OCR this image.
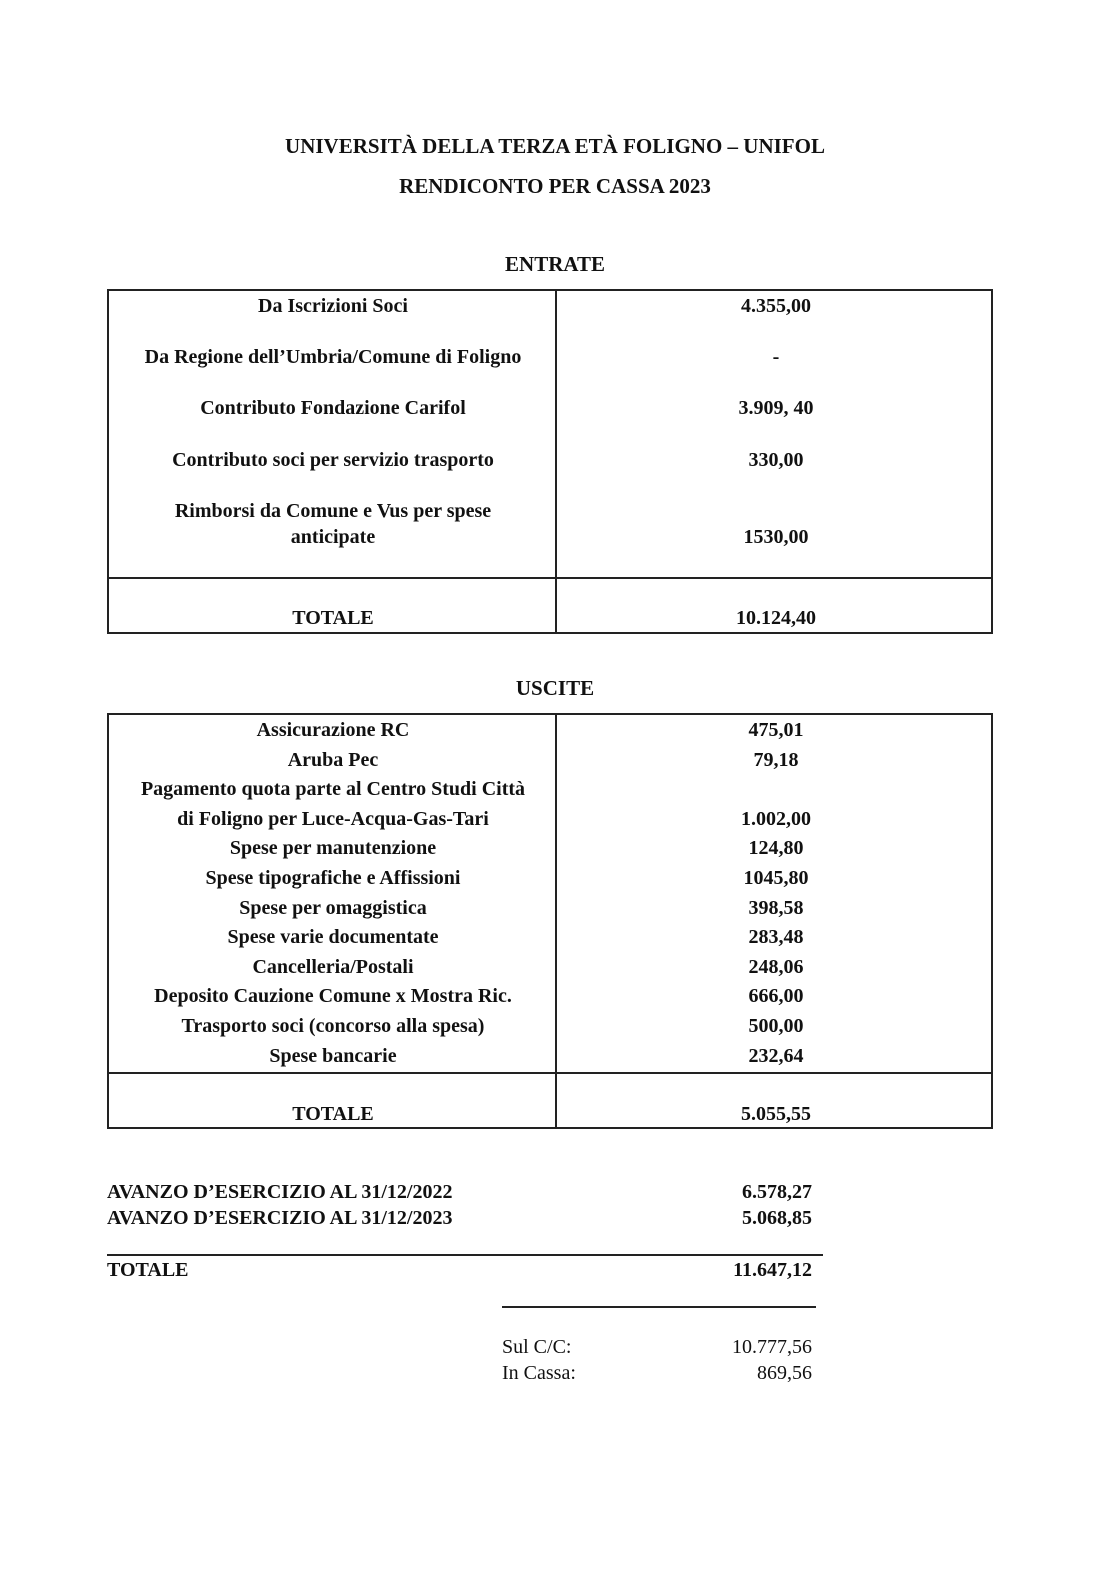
UNIVERSITÀ DELLA TERZA ETÀ FOLIGNO – UNIFOL
RENDICONTO PER CASSA 2023
ENTRATE
Da Iscrizioni Soci	4.355,00
Da Regione dell’Umbria/Comune di Foligno	-
Contributo Fondazione Carifol	3.909, 40
Contributo soci per servizio trasporto	330,00
Rimborsi da Comune e Vus per spese
anticipate	1530,00
TOTALE	10.124,40
USCITE
Assicurazione RC	475,01
Aruba Pec	79,18
Pagamento quota parte al Centro Studi Città
di Foligno per Luce-Acqua-Gas-Tari	1.002,00
Spese per manutenzione	124,80
Spese tipografiche e Affissioni	1045,80
Spese per omaggistica	398,58
Spese varie documentate	283,48
Cancelleria/Postali	248,06
Deposito Cauzione Comune x Mostra Ric.	666,00
Trasporto soci (concorso alla spesa)	500,00
Spese bancarie	232,64
TOTALE	5.055,55
AVANZO D’ESERCIZIO AL 31/12/2022	6.578,27
AVANZO D’ESERCIZIO AL 31/12/2023	5.068,85
TOTALE	11.647,12
Sul C/C:	10.777,56
In Cassa:	869,56
